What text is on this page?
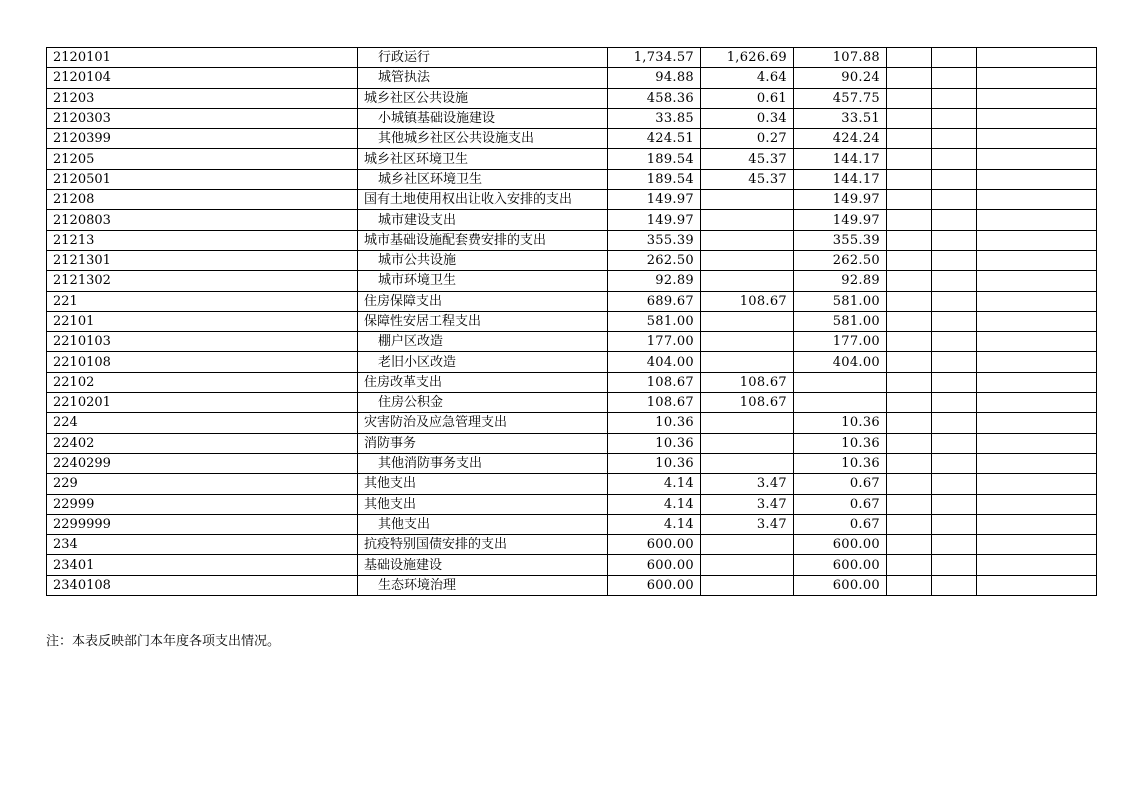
2120101	行政运行	1,734.57	1,626.69	107.88			
2120104	城管执法	94.88	4.64	90.24			
21203	城乡社区公共设施	458.36	0.61	457.75			
2120303	小城镇基础设施建设	33.85	0.34	33.51			
2120399	其他城乡社区公共设施支出	424.51	0.27	424.24			
21205	城乡社区环境卫生	189.54	45.37	144.17			
2120501	城乡社区环境卫生	189.54	45.37	144.17			
21208	国有土地使用权出让收入安排的支出	149.97		149.97			
2120803	城市建设支出	149.97		149.97			
21213	城市基础设施配套费安排的支出	355.39		355.39			
2121301	城市公共设施	262.50		262.50			
2121302	城市环境卫生	92.89		92.89			
221	住房保障支出	689.67	108.67	581.00			
22101	保障性安居工程支出	581.00		581.00			
2210103	棚户区改造	177.00		177.00			
2210108	老旧小区改造	404.00		404.00			
22102	住房改革支出	108.67	108.67				
2210201	住房公积金	108.67	108.67				
224	灾害防治及应急管理支出	10.36		10.36			
22402	消防事务	10.36		10.36			
2240299	其他消防事务支出	10.36		10.36			
229	其他支出	4.14	3.47	0.67			
22999	其他支出	4.14	3.47	0.67			
2299999	其他支出	4.14	3.47	0.67			
234	抗疫特别国债安排的支出	600.00		600.00			
23401	基础设施建设	600.00		600.00			
2340108	生态环境治理	600.00		600.00			
注：本表反映部门本年度各项支出情况。
